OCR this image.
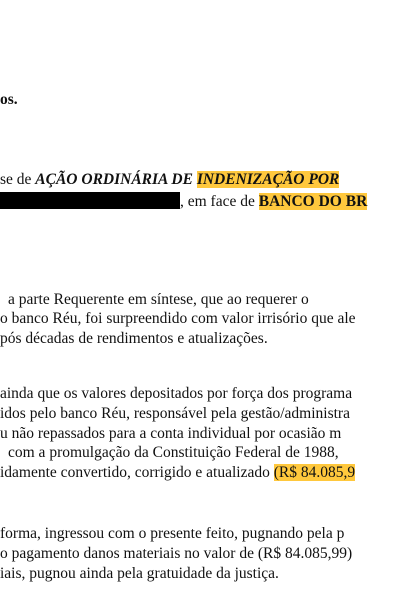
os.
se de AÇÃO ORDINÁRIA DE INDENIZAÇÃO POR
, em face de BANCO DO BR
a parte Requerente em síntese, que ao requerer o
o banco Réu, foi surpreendido com valor irrisório que ale
pós décadas de rendimentos e atualizações.
ainda que os valores depositados por força dos programa
idos pelo banco Réu, responsável pela gestão/administra
u não repassados para a conta individual por ocasião m
com a promulgação da Constituição Federal de 1988,
idamente convertido, corrigido e atualizado (R$ 84.085,9
forma, ingressou com o presente feito, pugnando pela p
o pagamento danos materiais no valor de (R$ 84.085,99)
iais, pugnou ainda pela gratuidade da justiça.
